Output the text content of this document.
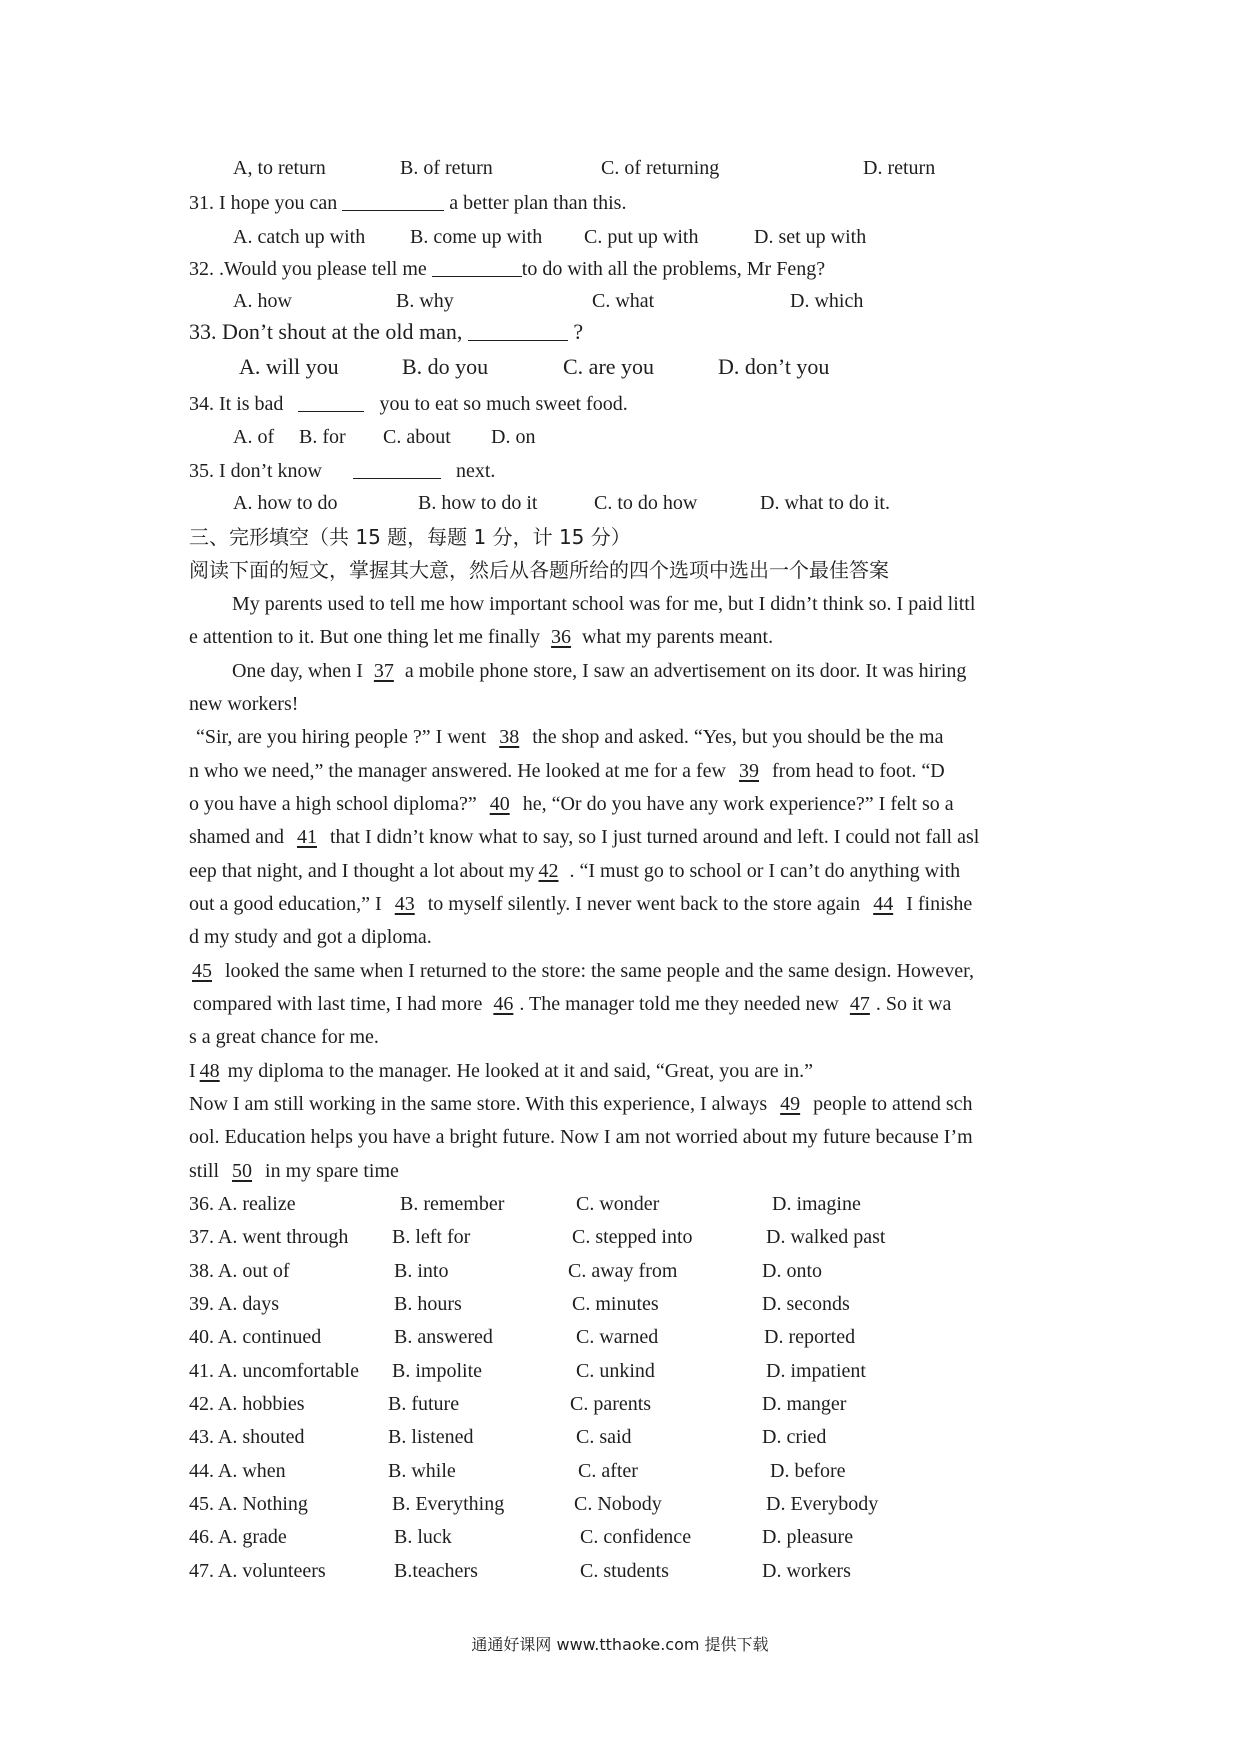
A, to return	B. of return	C. of returning	D. return
31. I hope you can	a better plan than this.
A. catch up with B. come up with C. put up with	D. set up with
32. .Would you please tell me	to do with all the problems, Mr Feng?
A. how	B. why	C. what	D. which
33. Don’t shout at the old man,	?
A. will you	B. do you	C. are you	D. don’t you
34. It is bad	you to eat so much sweet food.
A. of B. for C. about D. on
35. I don’t know	next.
A. how to do	B. how to do it	C. to do how	D. what to do it.
三、完形填空（共 15 题，每题 1 分，计 15 分）
阅读下面的短文，掌握其大意，然后从各题所给的四个选项中选出一个最佳答案
My parents used to tell me how important school was for me, but I didn’t think so. I paid littl
e attention to it. But one thing let me finally 36 what my parents meant.
One day, when I 37 a mobile phone store, I saw an advertisement on its door. It was hiring
new workers!
“Sir, are you hiring people ?” I went 38 the shop and asked. “Yes, but you should be the ma
n who we need,” the manager answered. He looked at me for a few 39 from head to foot. “D
o you have a high school diploma?” 40 he, “Or do you have any work experience?” I felt so a
shamed and 41 that I didn’t know what to say, so I just turned around and left. I could not fall asl
eep that night, and I thought a lot about my 42 . “I must go to school or I can’t do anything with
out a good education,” I 43 to myself silently. I never went back to the store again 44 I finishe
d my study and got a diploma.
45 looked the same when I returned to the store: the same people and the same design. However,
compared with last time, I had more 46 . The manager told me they needed new 47 . So it wa
s a great chance for me.
I 48 my diploma to the manager. He looked at it and said, “Great, you are in.”
Now I am still working in the same store. With this experience, I always 49 people to attend sch
ool. Education helps you have a bright future. Now I am not worried about my future because I’m
still 50 in my spare time
36. A. realize	B. remember	C. wonder	D. imagine
37. A. went through B. left for	C. stepped into	D. walked past
38. A. out of	B. into	C. away from	D. onto
39. A. days	B. hours	C. minutes	D. seconds
40. A. continued	B. answered	C. warned	D. reported
41. A. uncomfortable B. impolite	C. unkind	D. impatient
42. A. hobbies	B. future	C. parents	D. manger
43. A. shouted	B. listened	C. said	D. cried
44. A. when	B. while	C. after	D. before
45. A. Nothing	B. Everything	C. Nobody	D. Everybody
46. A. grade	B. luck	C. confidence	D. pleasure
47. A. volunteers	B.teachers	C. students	D. workers
通通好课网 www.tthaoke.com 提供下载
